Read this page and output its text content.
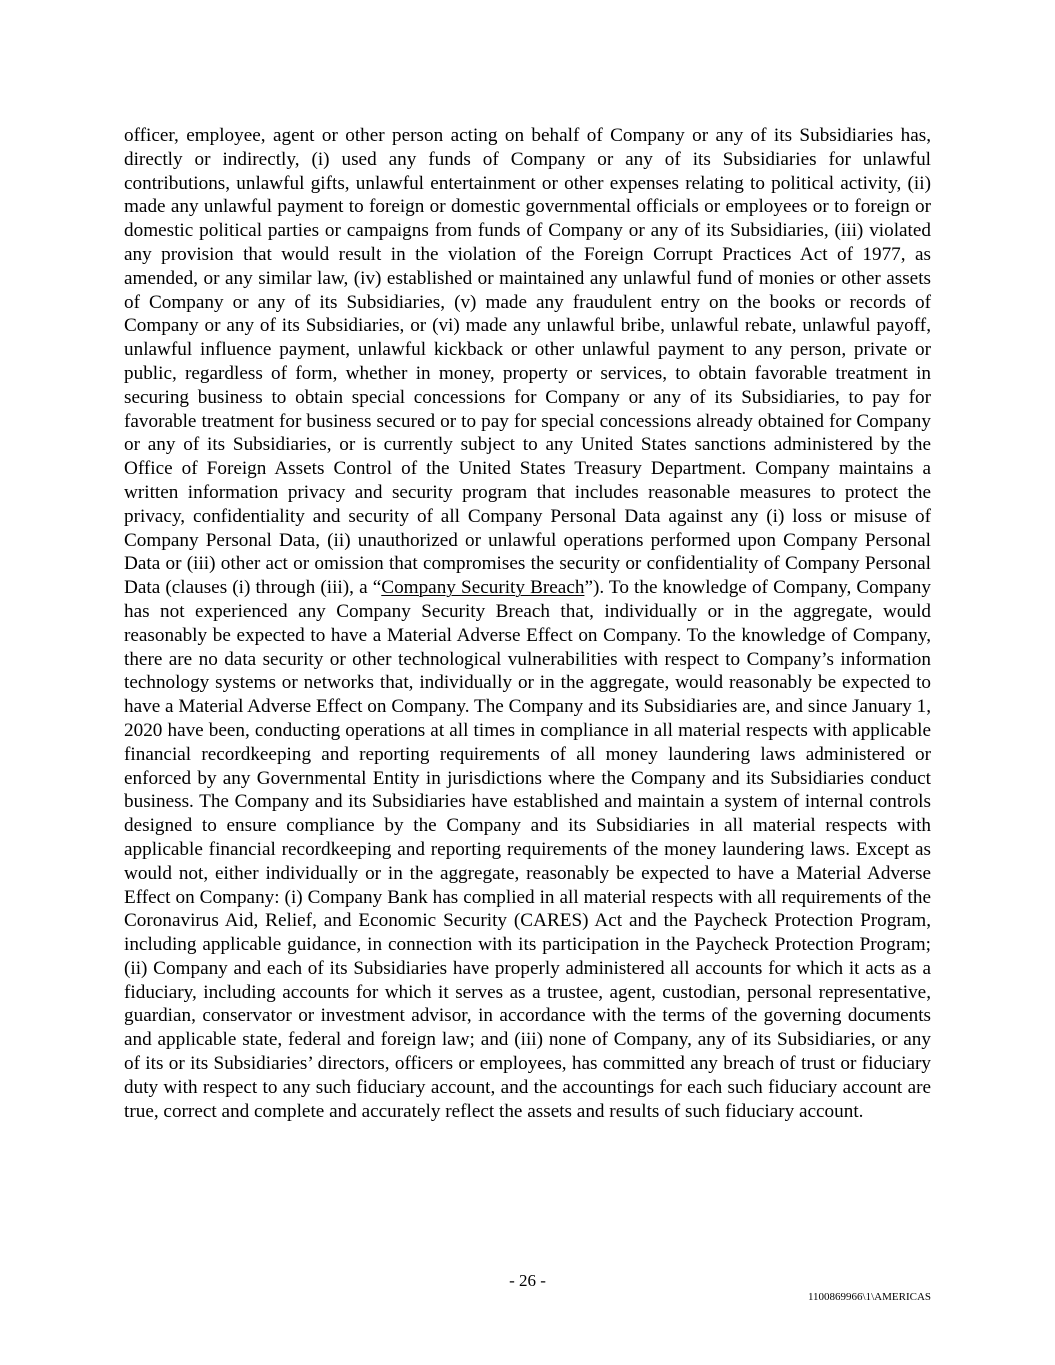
officer, employee, agent or other person acting on behalf of Company or any of its Subsidiaries has, directly or indirectly, (i) used any funds of Company or any of its Subsidiaries for unlawful contributions, unlawful gifts, unlawful entertainment or other expenses relating to political activity, (ii) made any unlawful payment to foreign or domestic governmental officials or employees or to foreign or domestic political parties or campaigns from funds of Company or any of its Subsidiaries, (iii) violated any provision that would result in the violation of the Foreign Corrupt Practices Act of 1977, as amended, or any similar law, (iv) established or maintained any unlawful fund of monies or other assets of Company or any of its Subsidiaries, (v) made any fraudulent entry on the books or records of Company or any of its Subsidiaries, or (vi) made any unlawful bribe, unlawful rebate, unlawful payoff, unlawful influence payment, unlawful kickback or other unlawful payment to any person, private or public, regardless of form, whether in money, property or services, to obtain favorable treatment in securing business to obtain special concessions for Company or any of its Subsidiaries, to pay for favorable treatment for business secured or to pay for special concessions already obtained for Company or any of its Subsidiaries, or is currently subject to any United States sanctions administered by the Office of Foreign Assets Control of the United States Treasury Department. Company maintains a written information privacy and security program that includes reasonable measures to protect the privacy, confidentiality and security of all Company Personal Data against any (i) loss or misuse of Company Personal Data, (ii) unauthorized or unlawful operations performed upon Company Personal Data or (iii) other act or omission that compromises the security or confidentiality of Company Personal Data (clauses (i) through (iii), a “Company Security Breach”). To the knowledge of Company, Company has not experienced any Company Security Breach that, individually or in the aggregate, would reasonably be expected to have a Material Adverse Effect on Company. To the knowledge of Company, there are no data security or other technological vulnerabilities with respect to Company’s information technology systems or networks that, individually or in the aggregate, would reasonably be expected to have a Material Adverse Effect on Company. The Company and its Subsidiaries are, and since January 1, 2020 have been, conducting operations at all times in compliance in all material respects with applicable financial recordkeeping and reporting requirements of all money laundering laws administered or enforced by any Governmental Entity in jurisdictions where the Company and its Subsidiaries conduct business. The Company and its Subsidiaries have established and maintain a system of internal controls designed to ensure compliance by the Company and its Subsidiaries in all material respects with applicable financial recordkeeping and reporting requirements of the money laundering laws. Except as would not, either individually or in the aggregate, reasonably be expected to have a Material Adverse Effect on Company: (i) Company Bank has complied in all material respects with all requirements of the Coronavirus Aid, Relief, and Economic Security (CARES) Act and the Paycheck Protection Program, including applicable guidance, in connection with its participation in the Paycheck Protection Program; (ii) Company and each of its Subsidiaries have properly administered all accounts for which it acts as a fiduciary, including accounts for which it serves as a trustee, agent, custodian, personal representative, guardian, conservator or investment advisor, in accordance with the terms of the governing documents and applicable state, federal and foreign law; and (iii) none of Company, any of its Subsidiaries, or any of its or its Subsidiaries’ directors, officers or employees, has committed any breach of trust or fiduciary duty with respect to any such fiduciary account, and the accountings for each such fiduciary account are true, correct and complete and accurately reflect the assets and results of such fiduciary account.

- 26 -
1100869966\1\AMERICAS
